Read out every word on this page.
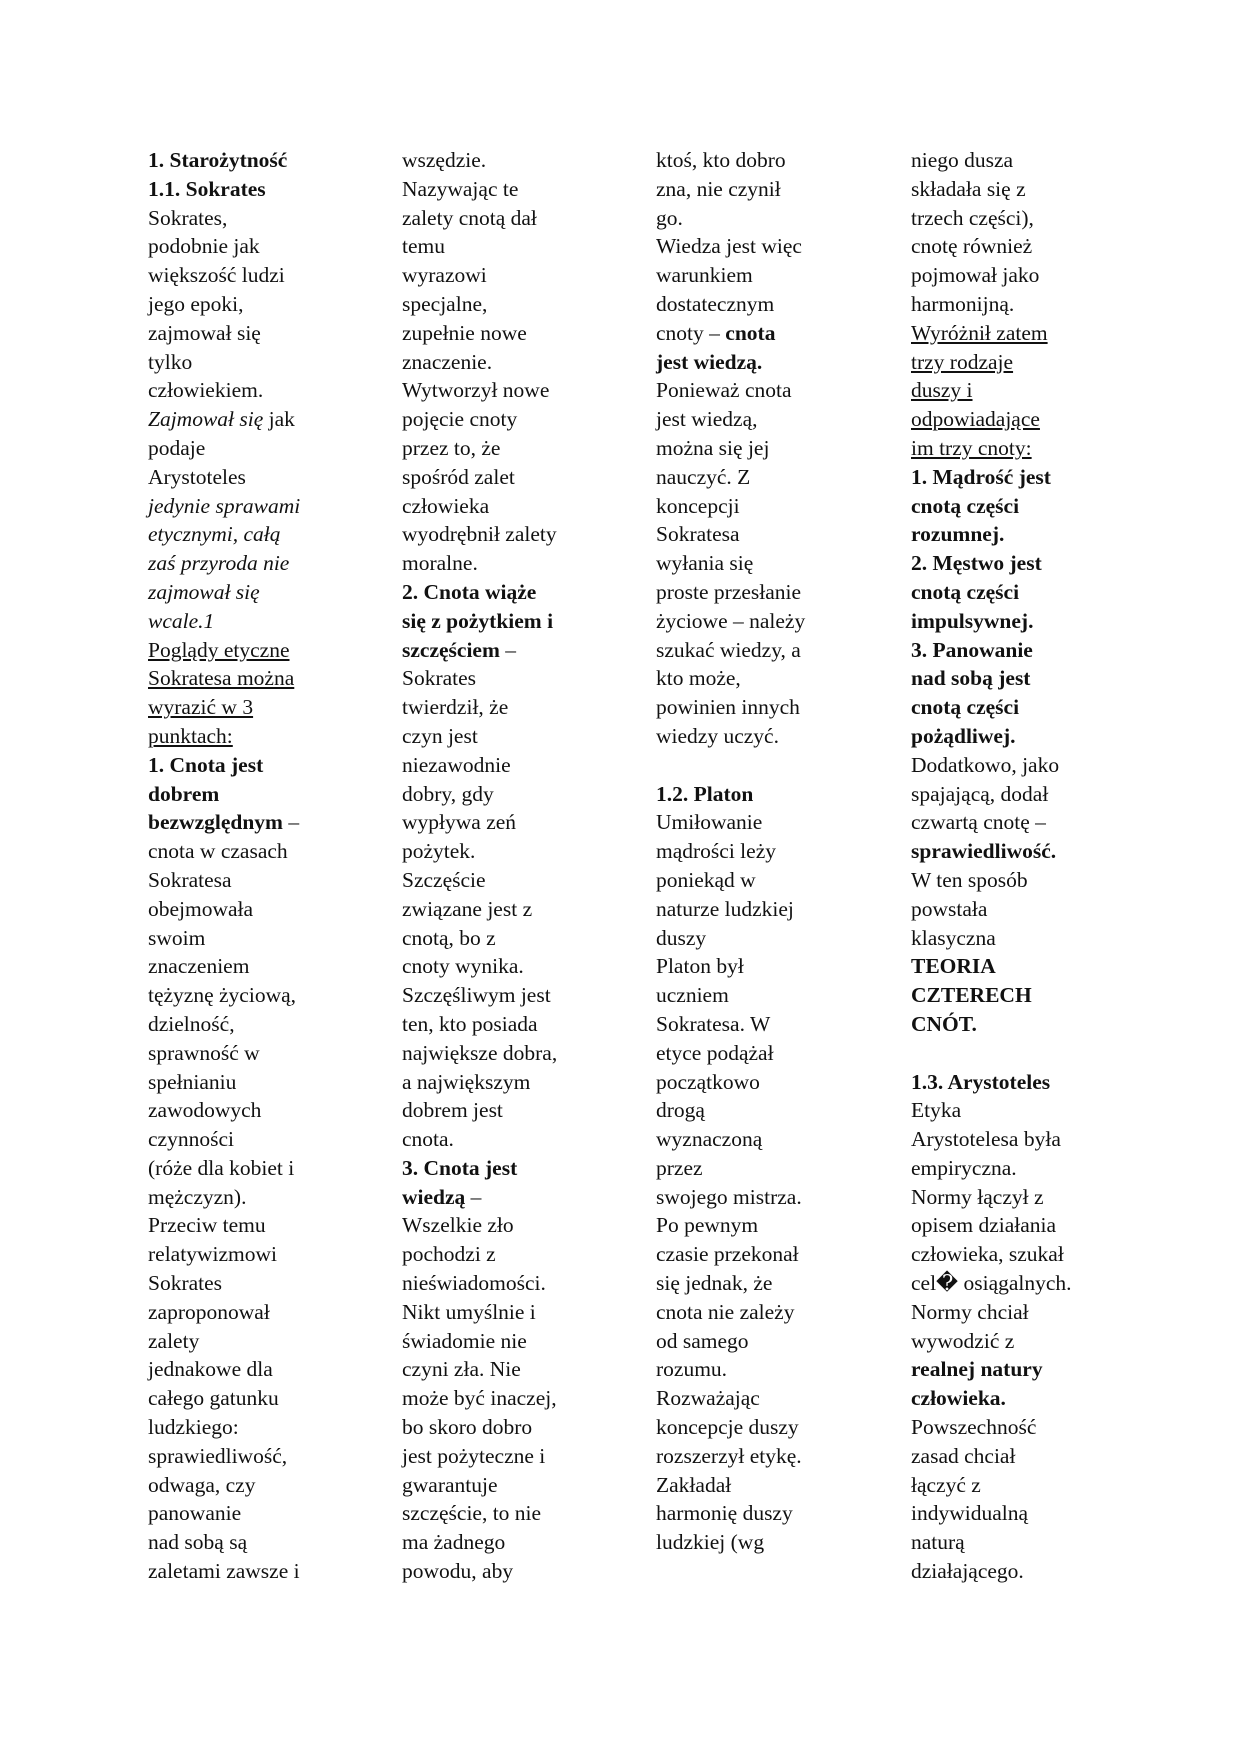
1. Starożytność
1.1. Sokrates
Sokrates,
podobnie jak
większość ludzi
jego epoki,
zajmował się
tylko
człowiekiem.
Zajmował się jak
podaje
Arystoteles
jedynie sprawami
etycznymi, całą
zaś przyroda nie
zajmował się
wcale.1
Poglądy etyczne
Sokratesa można
wyrazić w 3
punktach:
1. Cnota jest
dobrem
bezwzględnym –
cnota w czasach
Sokratesa
obejmowała
swoim
znaczeniem
tężyznę życiową,
dzielność,
sprawność w
spełnianiu
zawodowych
czynności
(róże dla kobiet i
mężczyzn).
Przeciw temu
relatywizmowi
Sokrates
zaproponował
zalety
jednakowe dla
całego gatunku
ludzkiego:
sprawiedliwość,
odwaga, czy
panowanie
nad sobą są
zaletami zawsze i
wszędzie.
Nazywając te
zalety cnotą dał
temu
wyrazowi
specjalne,
zupełnie nowe
znaczenie.
Wytworzył nowe
pojęcie cnoty
przez to, że
spośród zalet
człowieka
wyodrębnił zalety
moralne.
2. Cnota wiąże
się z pożytkiem i
szczęściem –
Sokrates
twierdził, że
czyn jest
niezawodnie
dobry, gdy
wypływa zeń
pożytek.
Szczęście
związane jest z
cnotą, bo z
cnoty wynika.
Szczęśliwym jest
ten, kto posiada
największe dobra,
a największym
dobrem jest
cnota.
3. Cnota jest
wiedzą –
Wszelkie zło
pochodzi z
nieświadomości.
Nikt umyślnie i
świadomie nie
czyni zła. Nie
może być inaczej,
bo skoro dobro
jest pożyteczne i
gwarantuje
szczęście, to nie
ma żadnego
powodu, aby
ktoś, kto dobro
zna, nie czynił
go.
Wiedza jest więc
warunkiem
dostatecznym
cnoty – cnota
jest wiedzą.
Ponieważ cnota
jest wiedzą,
można się jej
nauczyć. Z
koncepcji
Sokratesa
wyłania się
proste przesłanie
życiowe – należy
szukać wiedzy, a
kto może,
powinien innych
wiedzy uczyć.
1.2. Platon
Umiłowanie
mądrości leży
poniekąd w
naturze ludzkiej
duszy
Platon był
uczniem
Sokratesa. W
etyce podążał
początkowo
drogą
wyznaczoną
przez
swojego mistrza.
Po pewnym
czasie przekonał
się jednak, że
cnota nie zależy
od samego
rozumu.
Rozważając
koncepcje duszy
rozszerzył etykę.
Zakładał
harmonię duszy
ludzkiej (wg
niego dusza
składała się z
trzech części),
cnotę również
pojmował jako
harmonijną.
Wyróżnił zatem
trzy rodzaje
duszy i
odpowiadające
im trzy cnoty:
1. Mądrość jest
cnotą części
rozumnej.
2. Męstwo jest
cnotą części
impulsywnej.
3. Panowanie
nad sobą jest
cnotą części
pożądliwej.
Dodatkowo, jako
spajającą, dodał
czwartą cnotę –
sprawiedliwość.
W ten sposób
powstała
klasyczna
TEORIA
CZTERECH
CNÓT.
1.3. Arystoteles
Etyka
Arystotelesa była
empiryczna.
Normy łączył z
opisem działania
człowieka, szukał
cel� osiągalnych.
Normy chciał
wywodzić z
realnej natury
człowieka.
Powszechność
zasad chciał
łączyć z
indywidualną
naturą
działającego.
